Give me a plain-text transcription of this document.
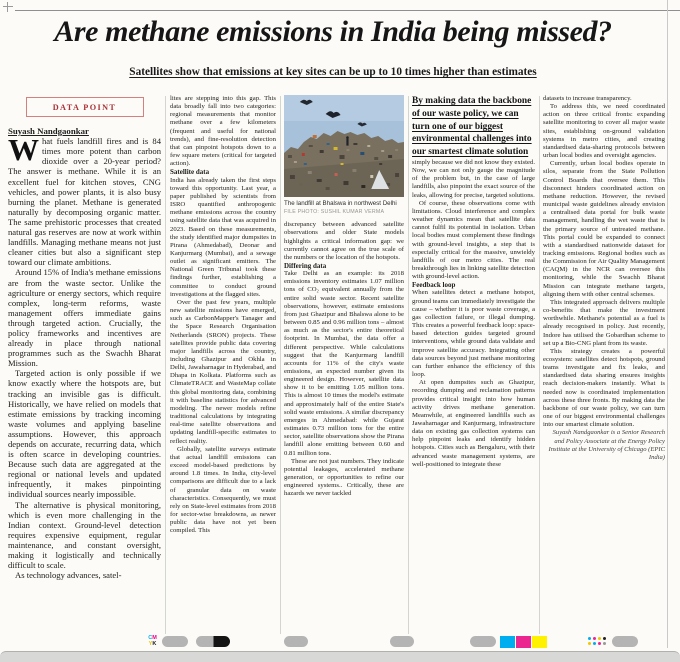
Are methane emissions in India being missed?
Satellites show that emissions at key sites can be up to 10 times higher than estimates
DATA POINT

Suyash Nandgaonkar

What fuels landfill fires and is 84 times more potent than carbon dioxide over a 20-year period? The answer is methane. While it is an excellent fuel for kitchen stoves, CNG vehicles, and power plants, it is also busy burning the planet. Methane is generated naturally by decomposing organic matter. The same prehistoric processes that created natural gas reserves are now at work within landfills. Managing methane means not just cleaner cities but also a significant step toward our climate ambitions.

Around 15% of India's methane emissions are from the waste sector. Unlike the agriculture or energy sectors, which require complex, long-term reforms, waste management offers immediate gains through targeted action. Crucially, the policy frameworks and incentives are already in place through national programmes such as the Swachh Bharat Mission.

Targeted action is only possible if we know exactly where the hotspots are, but tracking an invisible gas is difficult. Historically, we have relied on models that estimate emissions by tracking incoming waste volumes and applying baseline assumptions. However, this approach depends on accurate, recurring data, which is often scarce in developing countries. Because such data are aggregated at the regional or national levels and updated infrequently, it makes pinpointing individual sources nearly impossible.

The alternative is physical monitoring, which is even more challenging in the Indian context. Ground-level detection requires expensive equipment, regular maintenance, and constant oversight, making it logistically and technically difficult to scale.

As technology advances, satel-

lites are stepping into this gap. This data broadly fall into two categories: regional measurements that monitor methane over a few kilometers (frequent and useful for national trends), and fine-resolution detection that can pinpoint hotspots down to a few square meters (critical for targeted action).

Satellite data

India has already taken the first steps toward this opportunity. Last year, a paper published by scientists from ISRO quantified anthropogenic methane emissions across the country using satellite data that was acquired in 2023. Based on these measurements, the study identified major dumpsites in Pirana (Ahmedabad), Deonar and Kanjurmarg (Mumbai), and a sewage outlet as significant emitters. The National Green Tribunal took these findings further, establishing a committee to conduct ground investigations at the flagged sites.

Over the past few years, multiple new satellite missions have emerged, such as CarbonMapper's Tanager and the Space Research Organisation Netherlands (SRON) projects. These satellites provide public data covering major landfills across the country, including Ghazipur and Okhla in Delhi, Jawaharnagar in Hyderabad, and Dhapa in Kolkata. Platforms such as ClimateTRACE and WasteMap collate this global monitoring data, combining it with baseline statistics for advanced modeling. The newer models refine traditional calculations by integrating real-time satellite observations and updating landfill-specific estimates to reflect reality.

Globally, satellite surveys estimate that actual landfill emissions can exceed model-based predictions by around 1.8 times. In India, city-level comparisons are difficult due to a lack of granular data on waste characteristics. Consequently, we must rely on State-level estimates from 2018 for sector-wise breakdowns, as newer public data have not yet been compiled. This

The landfill at Bhalswa in northwest Delhi FILE PHOTO: SUSHIL KUMAR VERMA

discrepancy between advanced satellite observations and older State models highlights a critical information gap: we currently cannot agree on the true scale of the numbers or the location of the hotspots.

Differing data

Take Delhi as an example: its 2018 emissions inventory estimates 1.07 million tons of CO₂ equivalent annually from the entire solid waste sector. Recent satellite observations, however, estimate emissions from just Ghazipur and Bhalswa alone to be between 0.85 and 0.96 million tons – almost as much as the sector's entire theoretical footprint. In Mumbai, the data offer a different perspective. While calculations suggest that the Kanjurmarg landfill accounts for 11% of the city's waste emissions, an expected number given its engineered design. However, satellite data show it to be emitting 1.05 million tons. This is almost 10 times the model's estimate and approximately half of the entire State's solid waste emissions. A similar discrepancy emerges in Ahmedabad: while Gujarat estimates 0.73 million tons for the entire sector, satellite observations show the Pirana landfill alone emitting between 0.60 and 0.81 million tons.

These are not just numbers. They indicate potential leakages, accelerated methane generation, or opportunities to refine our engineered systems.. Critically, these are hazards we never tackled

By making data the backbone of our waste policy, we can turn one of our biggest environmental challenges into our smartest climate solution

simply because we did not know they existed. Now, we can not only gauge the magnitude of the problem but, in the case of large landfills, also pinpoint the exact source of the leaks, allowing for precise, targeted solutions.

Of course, these observations come with limitations. Cloud interference and complex weather dynamics mean that satellite data cannot fulfil its potential in isolation. Urban local bodies must complement these findings with ground-level insights, a step that is especially critical for the massive, unwieldy landfills of our metro cities. The real breakthrough lies in linking satellite detection with ground-level action.

Feedback loop

When satellites detect a methane hotspot, ground teams can immediately investigate the cause – whether it is poor waste coverage, a gas collection failure, or illegal dumping. This creates a powerful feedback loop: space-based detection guides targeted ground interventions, while ground data validate and improve satellite accuracy. Integrating other data sources beyond just methane monitoring can further enhance the efficiency of this loop.

At open dumpsites such as Ghazipur, recording dumping and reclamation patterns provides critical insight into how human activity drives methane generation. Meanwhile, at engineered landfills such as Jawaharnagar and Kanjurmarg, infrastructure data on existing gas collection systems can help pinpoint leaks and identify hidden hotspots. Cities such as Bengaluru, with their advanced waste management systems, are well-positioned to integrate these

datasets to increase transparency.

To address this, we need coordinated action on three critical fronts: expanding satellite monitoring to cover all major waste sites, establishing on-ground validation systems in metro cities, and creating standardised data-sharing protocols between urban local bodies and oversight agencies.

Currently, urban local bodies operate in silos, separate from the State Pollution Control Boards that oversee them. This disconnect hinders coordinated action on methane reduction. However, the revised municipal waste guidelines already envision a centralised data portal for bulk waste management, handling the wet waste that is the primary source of untreated methane. This portal could be expanded to connect with a standardised nationwide dataset for tracking emissions. Regional bodies such as the Commission for Air Quality Management (CAQM) in the NCR can oversee this monitoring, while the Swachh Bharat Mission can integrate methane targets, aligning them with other central schemes.

This integrated approach delivers multiple co-benefits that make the investment worthwhile. Methane's potential as a fuel is already recognised in policy. Just recently, Indore has utilised the Gobardhan scheme to set up a Bio-CNG plant from its waste.

This strategy creates a powerful ecosystem: satellites detect hotspots, ground teams investigate and fix leaks, and standardised data sharing ensures insights reach decision-makers instantly. What is needed now is coordinated implementation across these three fronts. By making data the backbone of our waste policy, we can turn one of our biggest environmental challenges into our smartest climate solution.

Suyash Nandgaonkar is a Senior Research and Policy Associate at the Energy Policy Institute at the University of Chicago (EPIC India)

CM
YK
